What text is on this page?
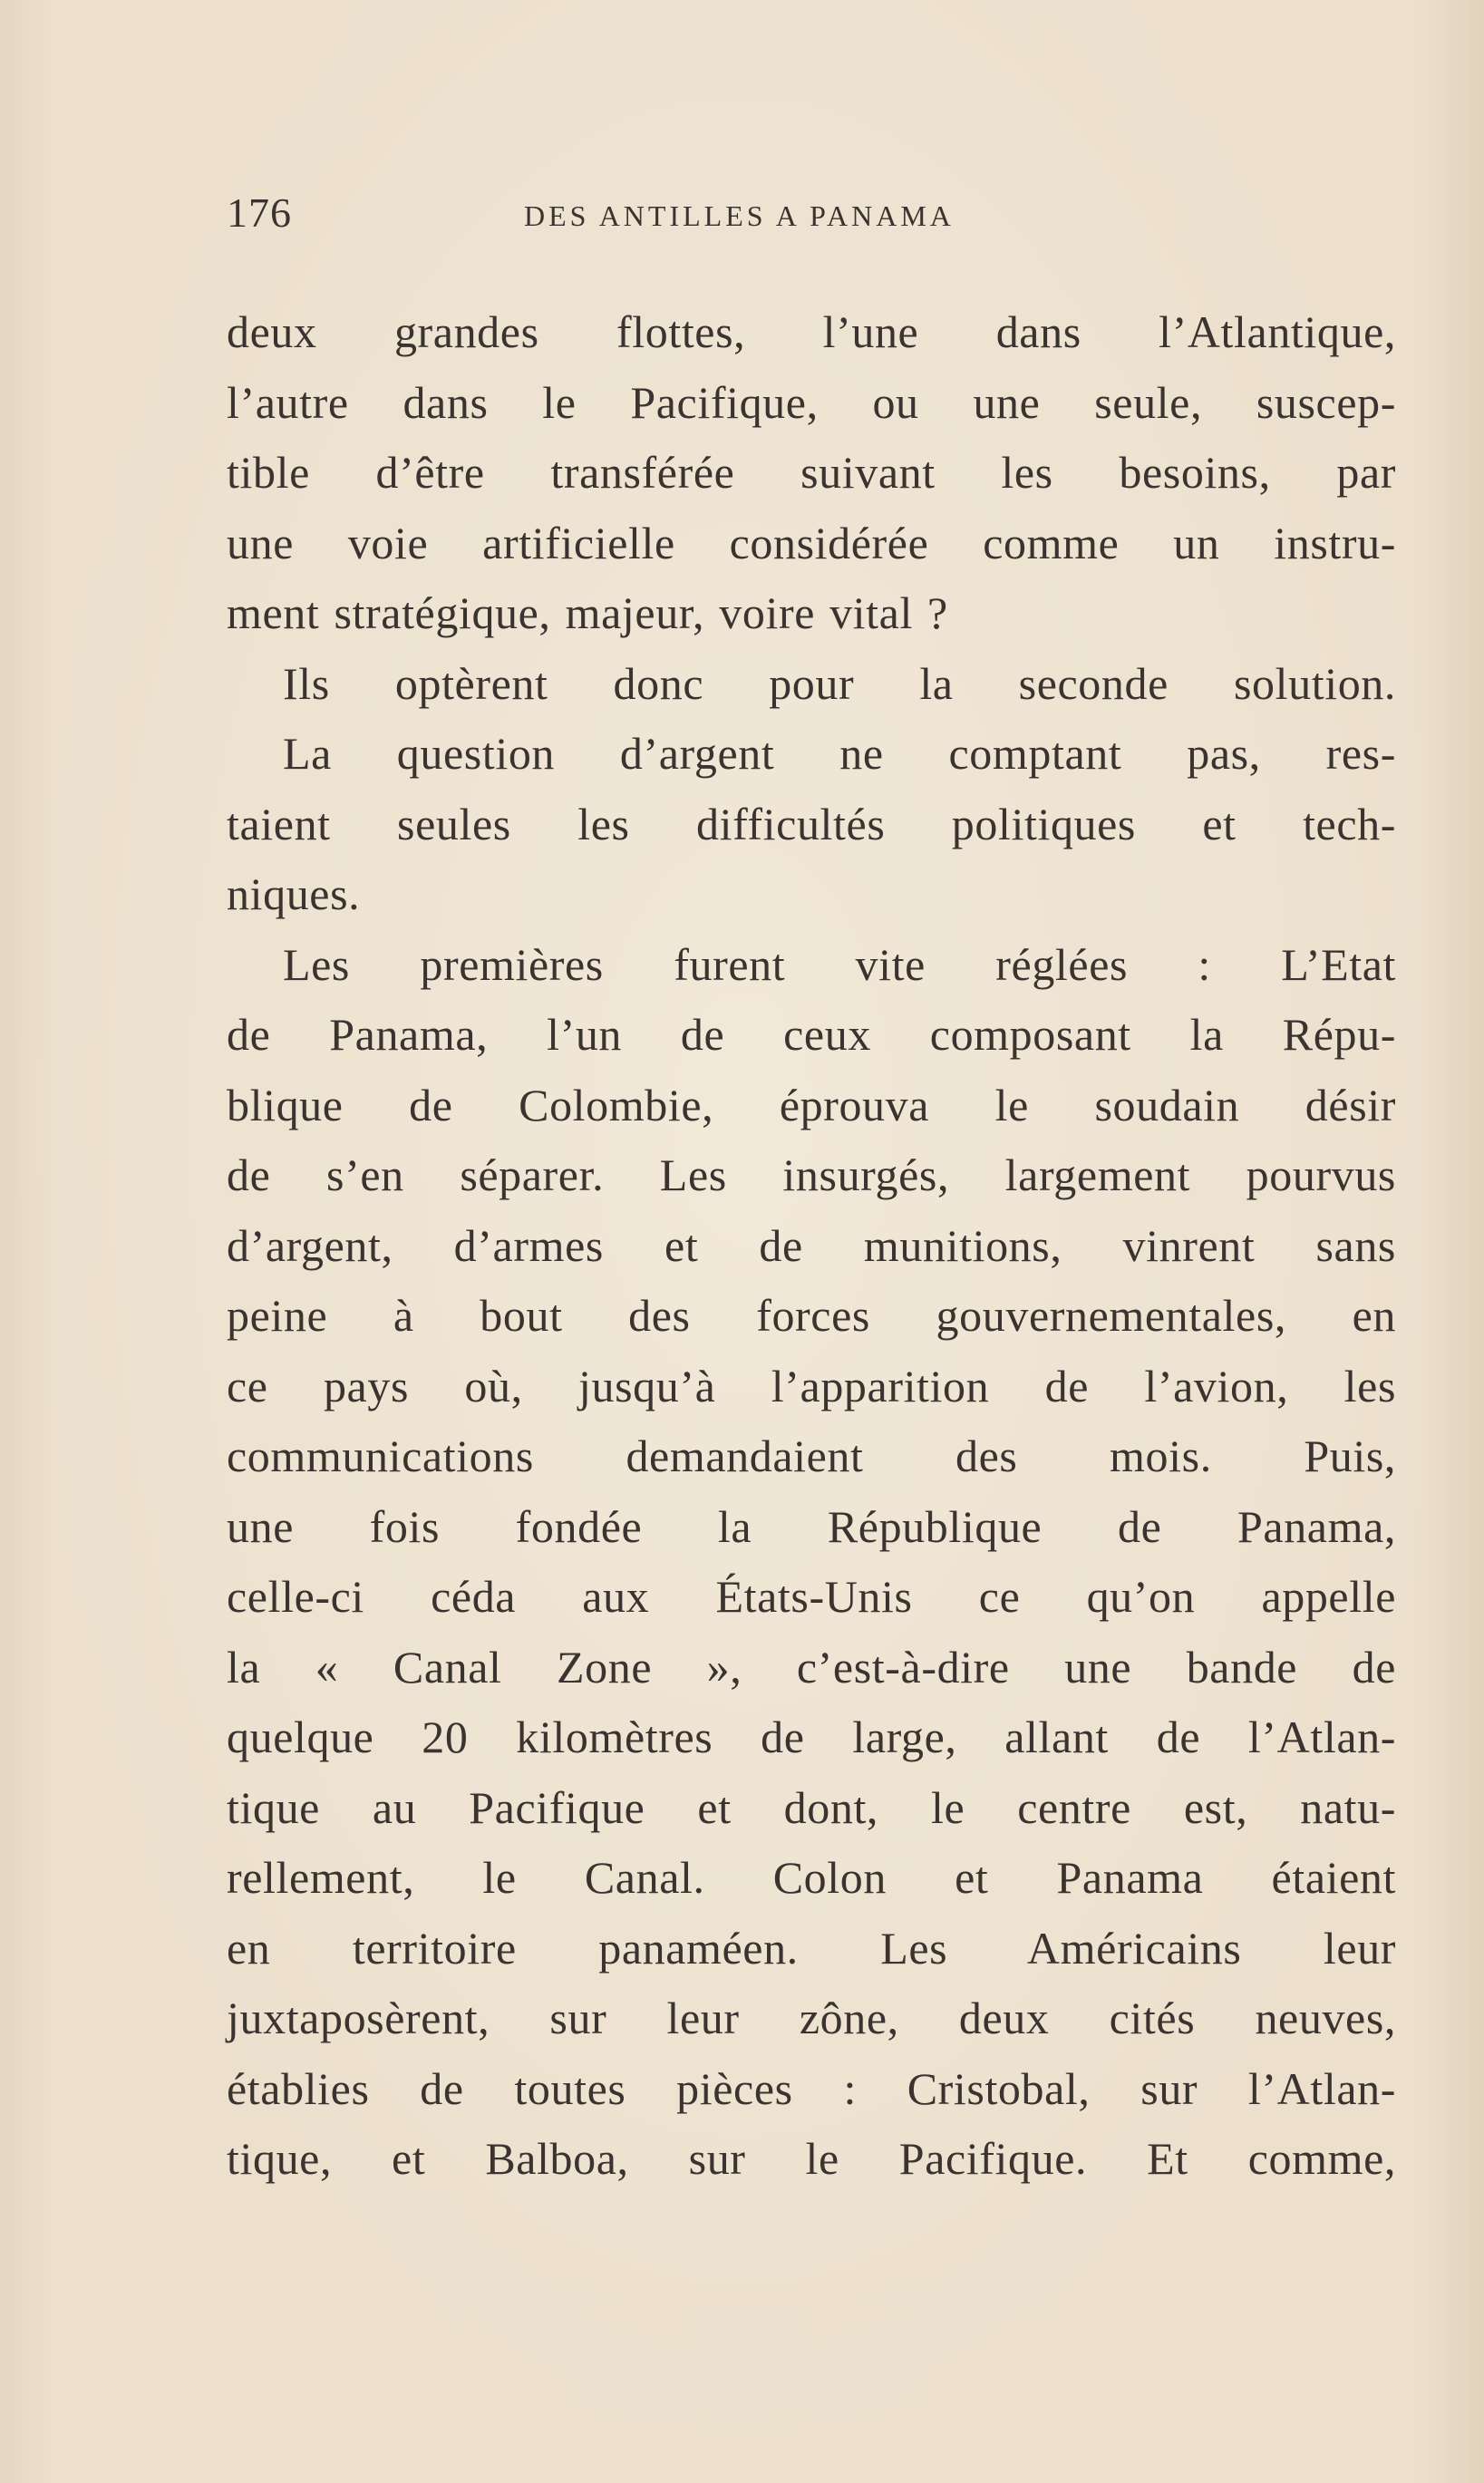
176	DES ANTILLES A PANAMA
deux grandes flottes, l’une dans l’Atlantique,
l’autre dans le Pacifique, ou une seule, suscep-
tible d’être transférée suivant les besoins, par
une voie artificielle considérée comme un instru-
ment stratégique, majeur, voire vital ?
Ils optèrent donc pour la seconde solution.
La question d’argent ne comptant pas, res-
taient seules les difficultés politiques et tech-
niques.
Les premières furent vite réglées : L’Etat
de Panama, l’un de ceux composant la Répu-
blique de Colombie, éprouva le soudain désir
de s’en séparer. Les insurgés, largement pourvus
d’argent, d’armes et de munitions, vinrent sans
peine à bout des forces gouvernementales, en
ce pays où, jusqu’à l’apparition de l’avion, les
communications demandaient des mois. Puis,
une fois fondée la République de Panama,
celle-ci céda aux États-Unis ce qu’on appelle
la « Canal Zone », c’est-à-dire une bande de
quelque 20 kilomètres de large, allant de l’Atlan-
tique au Pacifique et dont, le centre est, natu-
rellement, le Canal. Colon et Panama étaient
en territoire panaméen. Les Américains leur
juxtaposèrent, sur leur zône, deux cités neuves,
établies de toutes pièces : Cristobal, sur l’Atlan-
tique, et Balboa, sur le Pacifique. Et comme,
